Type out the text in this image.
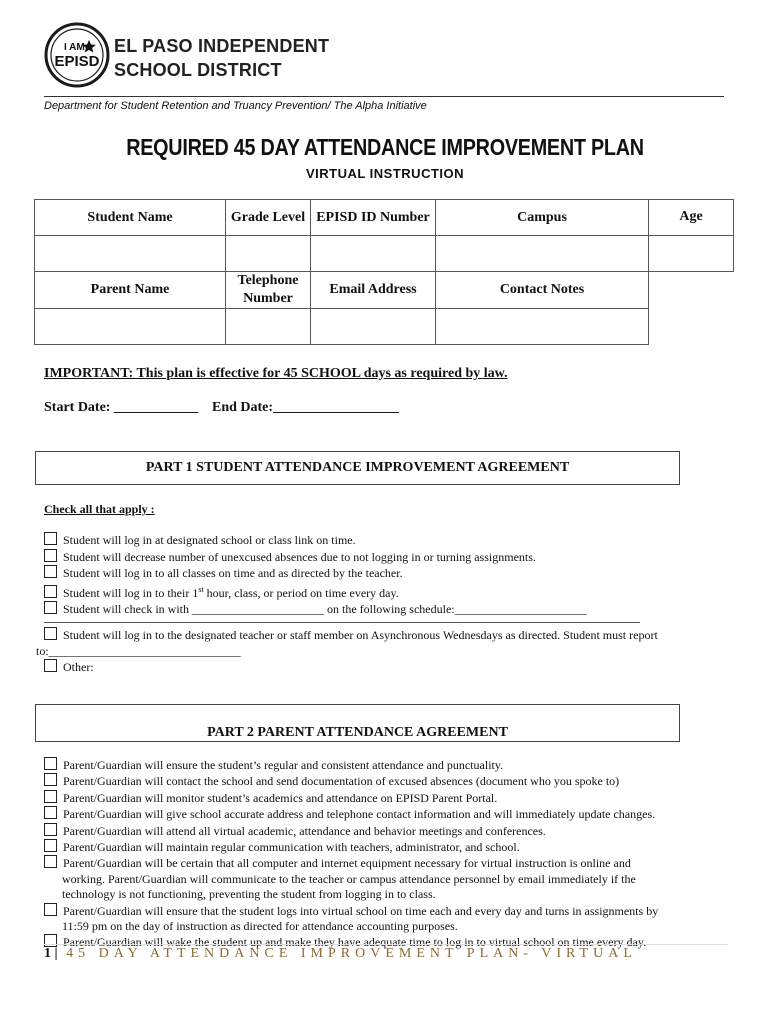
I AM
EPISD
EL PASO INDEPENDENT
SCHOOL DISTRICT
Department for Student Retention and Truancy Prevention/ The Alpha Initiative
REQUIRED 45 DAY ATTENDANCE IMPROVEMENT PLAN
VIRTUAL INSTRUCTION
Student Name	Grade Level	EPISD ID Number	Campus	Age

Parent Name	Telephone Number	Email Address	Contact Notes	

IMPORTANT: This plan is effective for 45 SCHOOL days as required by law.
Start Date: ____________ End Date:__________________
PART 1 STUDENT ATTENDANCE IMPROVEMENT AGREEMENT
Check all that apply :
Student will log in at designated school or class link on time.
Student will decrease number of unexcused absences due to not logging in or turning assignments.
Student will log in to all classes on time and as directed by the teacher.
Student will log in to their 1st hour, class, or period on time every day.
Student will check in with ______________________ on the following schedule:______________________
Student will log in to the designated teacher or staff member on Asynchronous Wednesdays as directed. Student must report
to:________________________________
Other:
PART 2 PARENT ATTENDANCE AGREEMENT
Parent/Guardian will ensure the student’s regular and consistent attendance and punctuality.
Parent/Guardian will contact the school and send documentation of excused absences (document who you spoke to)
Parent/Guardian will monitor student’s academics and attendance on EPISD Parent Portal.
Parent/Guardian will give school accurate address and telephone contact information and will immediately update changes.
Parent/Guardian will attend all virtual academic, attendance and behavior meetings and conferences.
Parent/Guardian will maintain regular communication with teachers, administrator, and school.
Parent/Guardian will be certain that all computer and internet equipment necessary for virtual instruction is online and
working. Parent/Guardian will communicate to the teacher or campus attendance personnel by email immediately if the
technology is not functioning, preventing the student from logging in to class.
Parent/Guardian will ensure that the student logs into virtual school on time each and every day and turns in assignments by
11:59 pm on the day of instruction as directed for attendance accounting purposes.
Parent/Guardian will wake the student up and make they have adequate time to log in to virtual school on time every day.
1 | 45 DAY ATTENDANCE IMPROVEMENT PLAN- VIRTUAL
